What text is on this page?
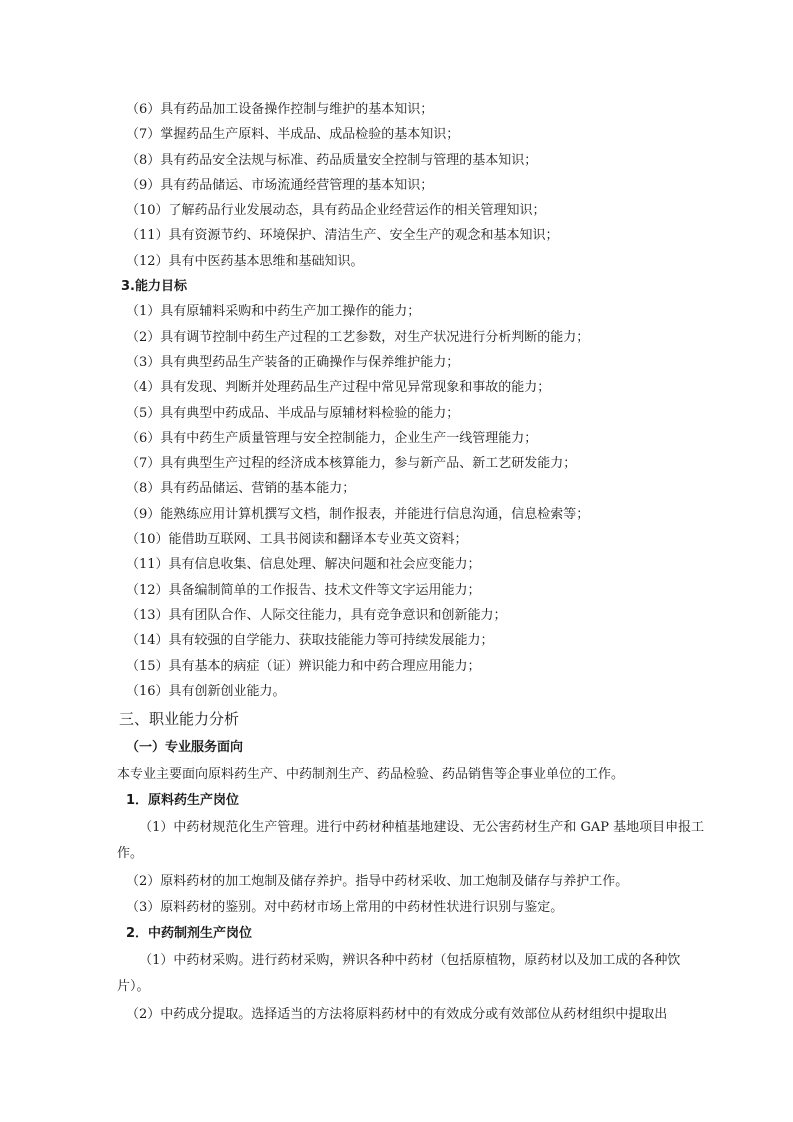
（6）具有药品加工设备操作控制与维护的基本知识；
（7）掌握药品生产原料、半成品、成品检验的基本知识；
（8）具有药品安全法规与标准、药品质量安全控制与管理的基本知识；
（9）具有药品储运、市场流通经营管理的基本知识；
（10）了解药品行业发展动态，具有药品企业经营运作的相关管理知识；
（11）具有资源节约、环境保护、清洁生产、安全生产的观念和基本知识；
（12）具有中医药基本思维和基础知识。
3.能力目标
（1）具有原辅料采购和中药生产加工操作的能力；
（2）具有调节控制中药生产过程的工艺参数，对生产状况进行分析判断的能力；
（3）具有典型药品生产装备的正确操作与保养维护能力；
（4）具有发现、判断并处理药品生产过程中常见异常现象和事故的能力；
（5）具有典型中药成品、半成品与原辅材料检验的能力；
（6）具有中药生产质量管理与安全控制能力，企业生产一线管理能力；
（7）具有典型生产过程的经济成本核算能力，参与新产品、新工艺研发能力；
（8）具有药品储运、营销的基本能力；
（9）能熟练应用计算机撰写文档，制作报表，并能进行信息沟通，信息检索等；
（10）能借助互联网、工具书阅读和翻译本专业英文资料；
（11）具有信息收集、信息处理、解决问题和社会应变能力；
（12）具备编制简单的工作报告、技术文件等文字运用能力；
（13）具有团队合作、人际交往能力，具有竞争意识和创新能力；
（14）具有较强的自学能力、获取技能能力等可持续发展能力；
（15）具有基本的病症（证）辨识能力和中药合理应用能力；
（16）具有创新创业能力。
三、职业能力分析
（一）专业服务面向
本专业主要面向原料药生产、中药制剂生产、药品检验、药品销售等企事业单位的工作。
1．原料药生产岗位
（1）中药材规范化生产管理。进行中药材种植基地建设、无公害药材生产和 GAP 基地项目申报工作。
（2）原料药材的加工炮制及储存养护。指导中药材采收、加工炮制及储存与养护工作。
（3）原料药材的鉴别。对中药材市场上常用的中药材性状进行识别与鉴定。
2．中药制剂生产岗位
（1）中药材采购。进行药材采购，辨识各种中药材（包括原植物，原药材以及加工成的各种饮片）。
（2）中药成分提取。选择适当的方法将原料药材中的有效成分或有效部位从药材组织中提取出
